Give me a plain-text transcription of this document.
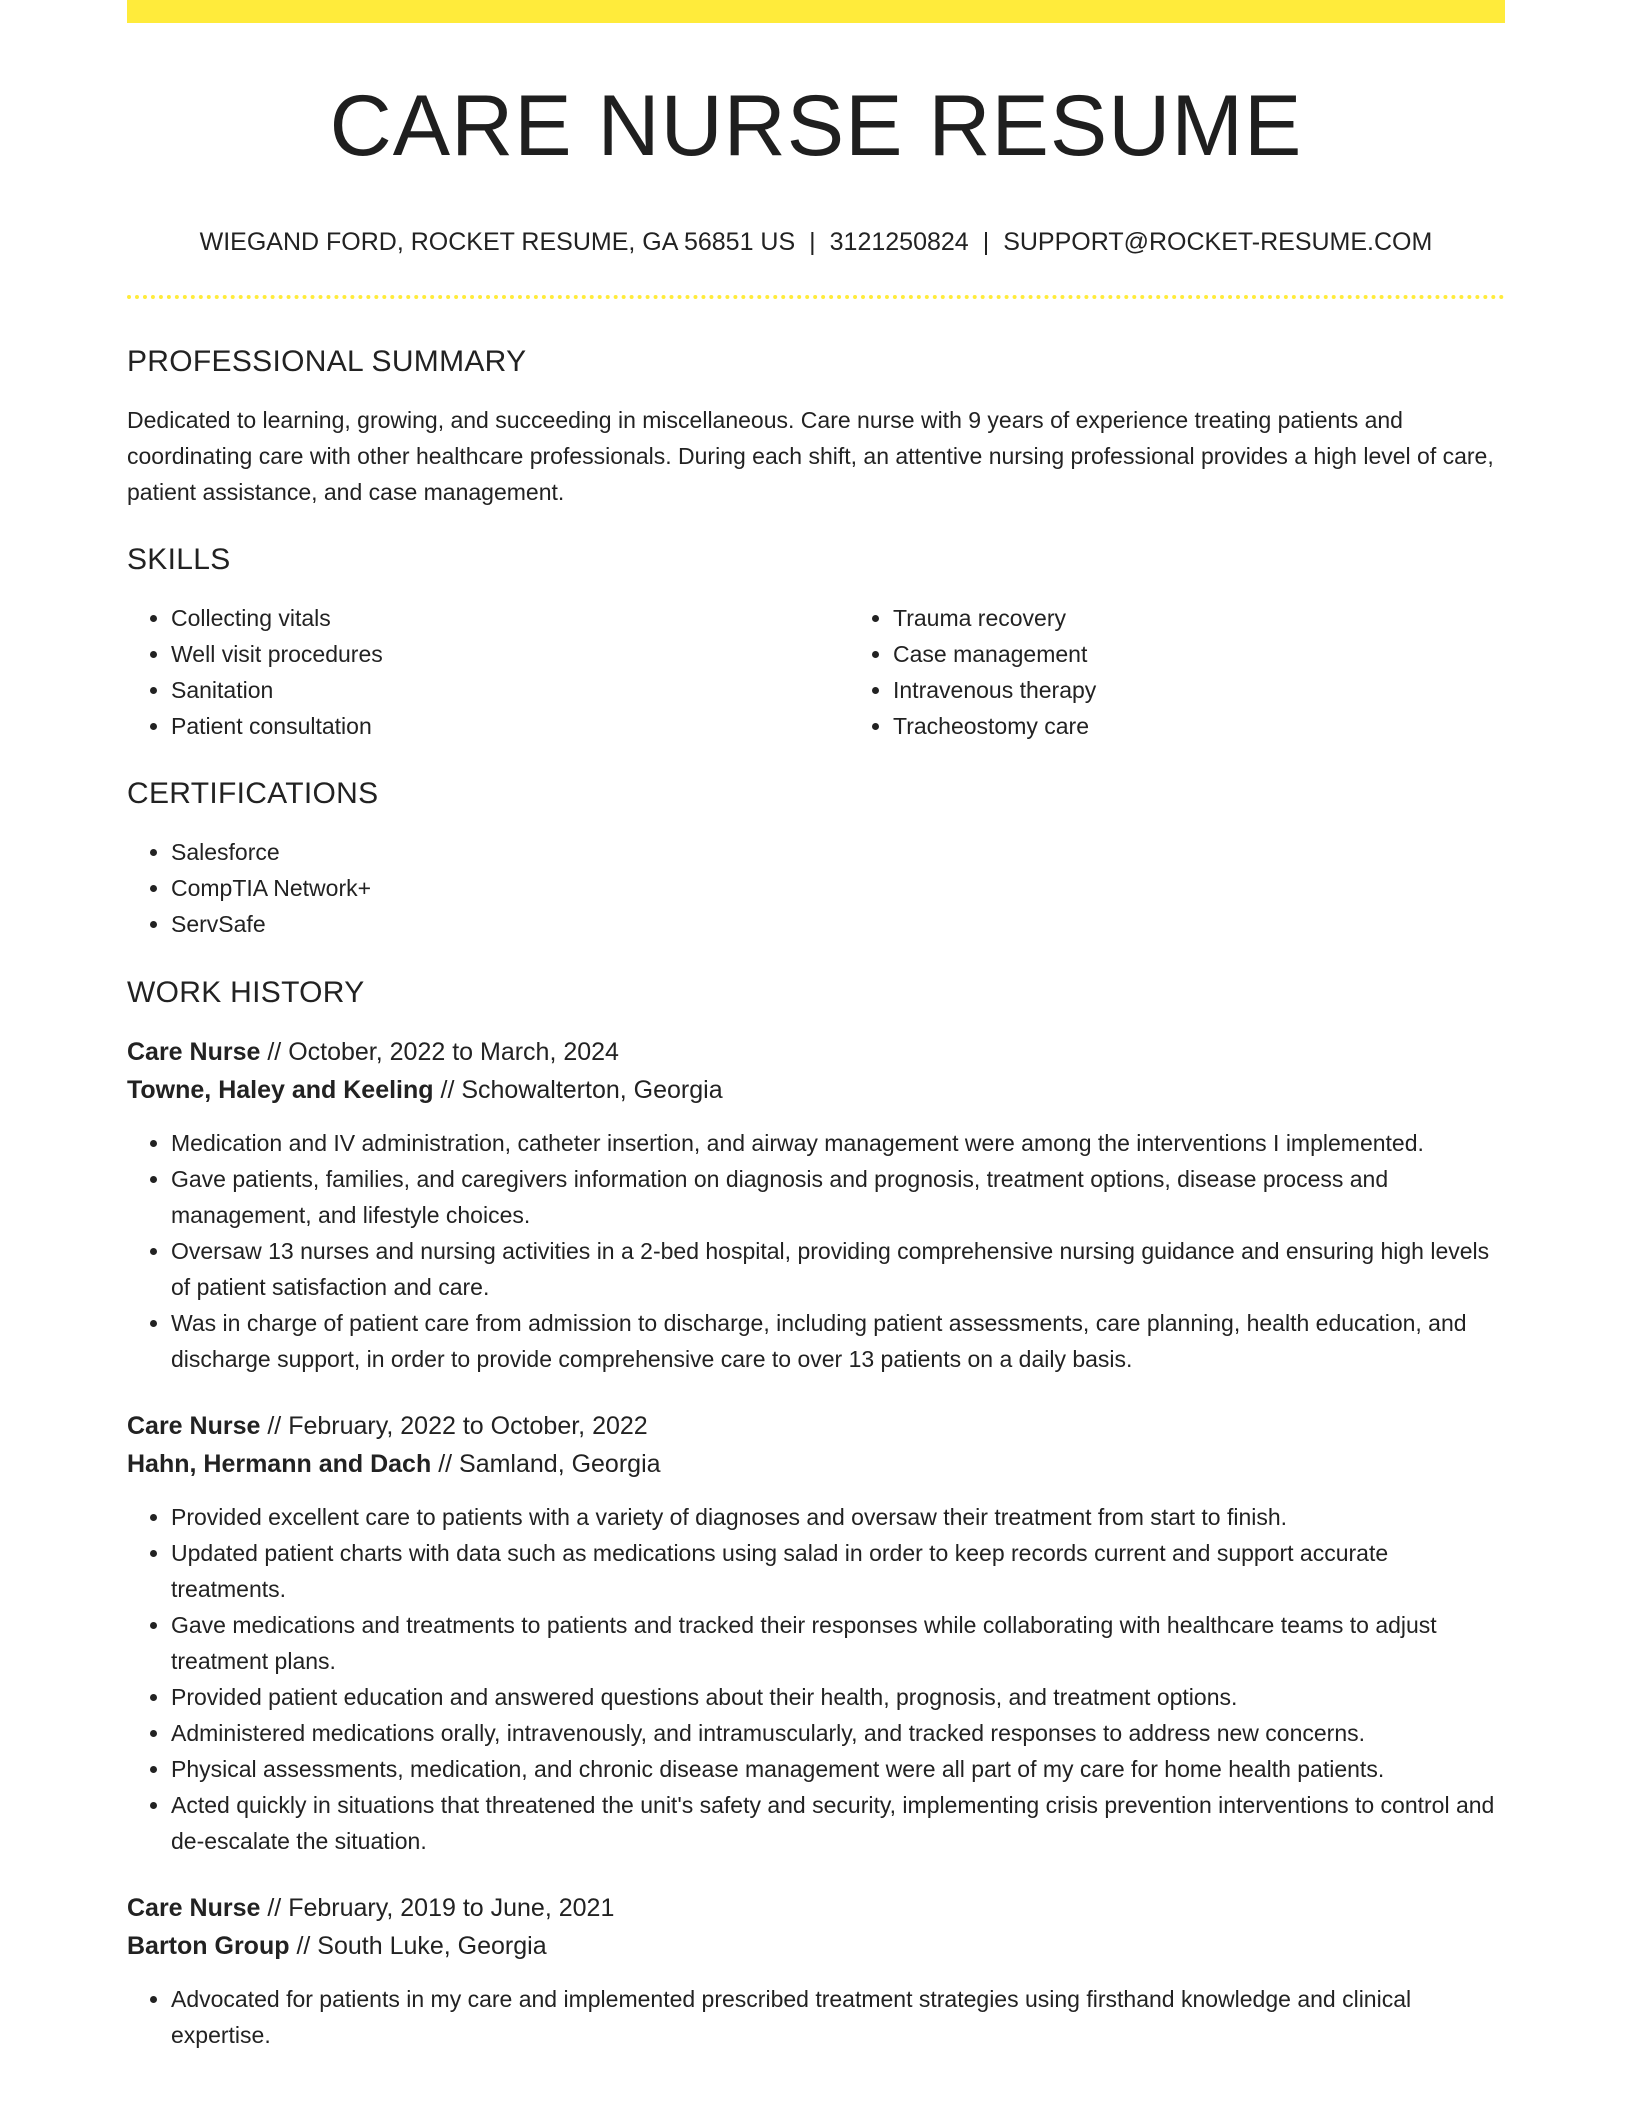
CARE NURSE RESUME
WIEGAND FORD, ROCKET RESUME, GA 56851 US | 3121250824 | SUPPORT@ROCKET-RESUME.COM
PROFESSIONAL SUMMARY

Dedicated to learning, growing, and succeeding in miscellaneous. Care nurse with 9 years of experience treating patients and coordinating care with other healthcare professionals. During each shift, an attentive nursing professional provides a high level of care, patient assistance, and case management.

SKILLS
• Collecting vitals
• Well visit procedures
• Sanitation
• Patient consultation
• Trauma recovery
• Case management
• Intravenous therapy
• Tracheostomy care
CERTIFICATIONS
• Salesforce
• CompTIA Network+
• ServSafe
WORK HISTORY
Care Nurse // October, 2022 to March, 2024
Towne, Haley and Keeling // Schowalterton, Georgia
• Medication and IV administration, catheter insertion, and airway management were among the interventions I implemented.
• Gave patients, families, and caregivers information on diagnosis and prognosis, treatment options, disease process and management, and lifestyle choices.
• Oversaw 13 nurses and nursing activities in a 2-bed hospital, providing comprehensive nursing guidance and ensuring high levels of patient satisfaction and care.
• Was in charge of patient care from admission to discharge, including patient assessments, care planning, health education, and discharge support, in order to provide comprehensive care to over 13 patients on a daily basis.
Care Nurse // February, 2022 to October, 2022
Hahn, Hermann and Dach // Samland, Georgia
• Provided excellent care to patients with a variety of diagnoses and oversaw their treatment from start to finish.
• Updated patient charts with data such as medications using salad in order to keep records current and support accurate treatments.
• Gave medications and treatments to patients and tracked their responses while collaborating with healthcare teams to adjust treatment plans.
• Provided patient education and answered questions about their health, prognosis, and treatment options.
• Administered medications orally, intravenously, and intramuscularly, and tracked responses to address new concerns.
• Physical assessments, medication, and chronic disease management were all part of my care for home health patients.
• Acted quickly in situations that threatened the unit's safety and security, implementing crisis prevention interventions to control and de-escalate the situation.
Care Nurse // February, 2019 to June, 2021
Barton Group // South Luke, Georgia
• Advocated for patients in my care and implemented prescribed treatment strategies using firsthand knowledge and clinical expertise.
